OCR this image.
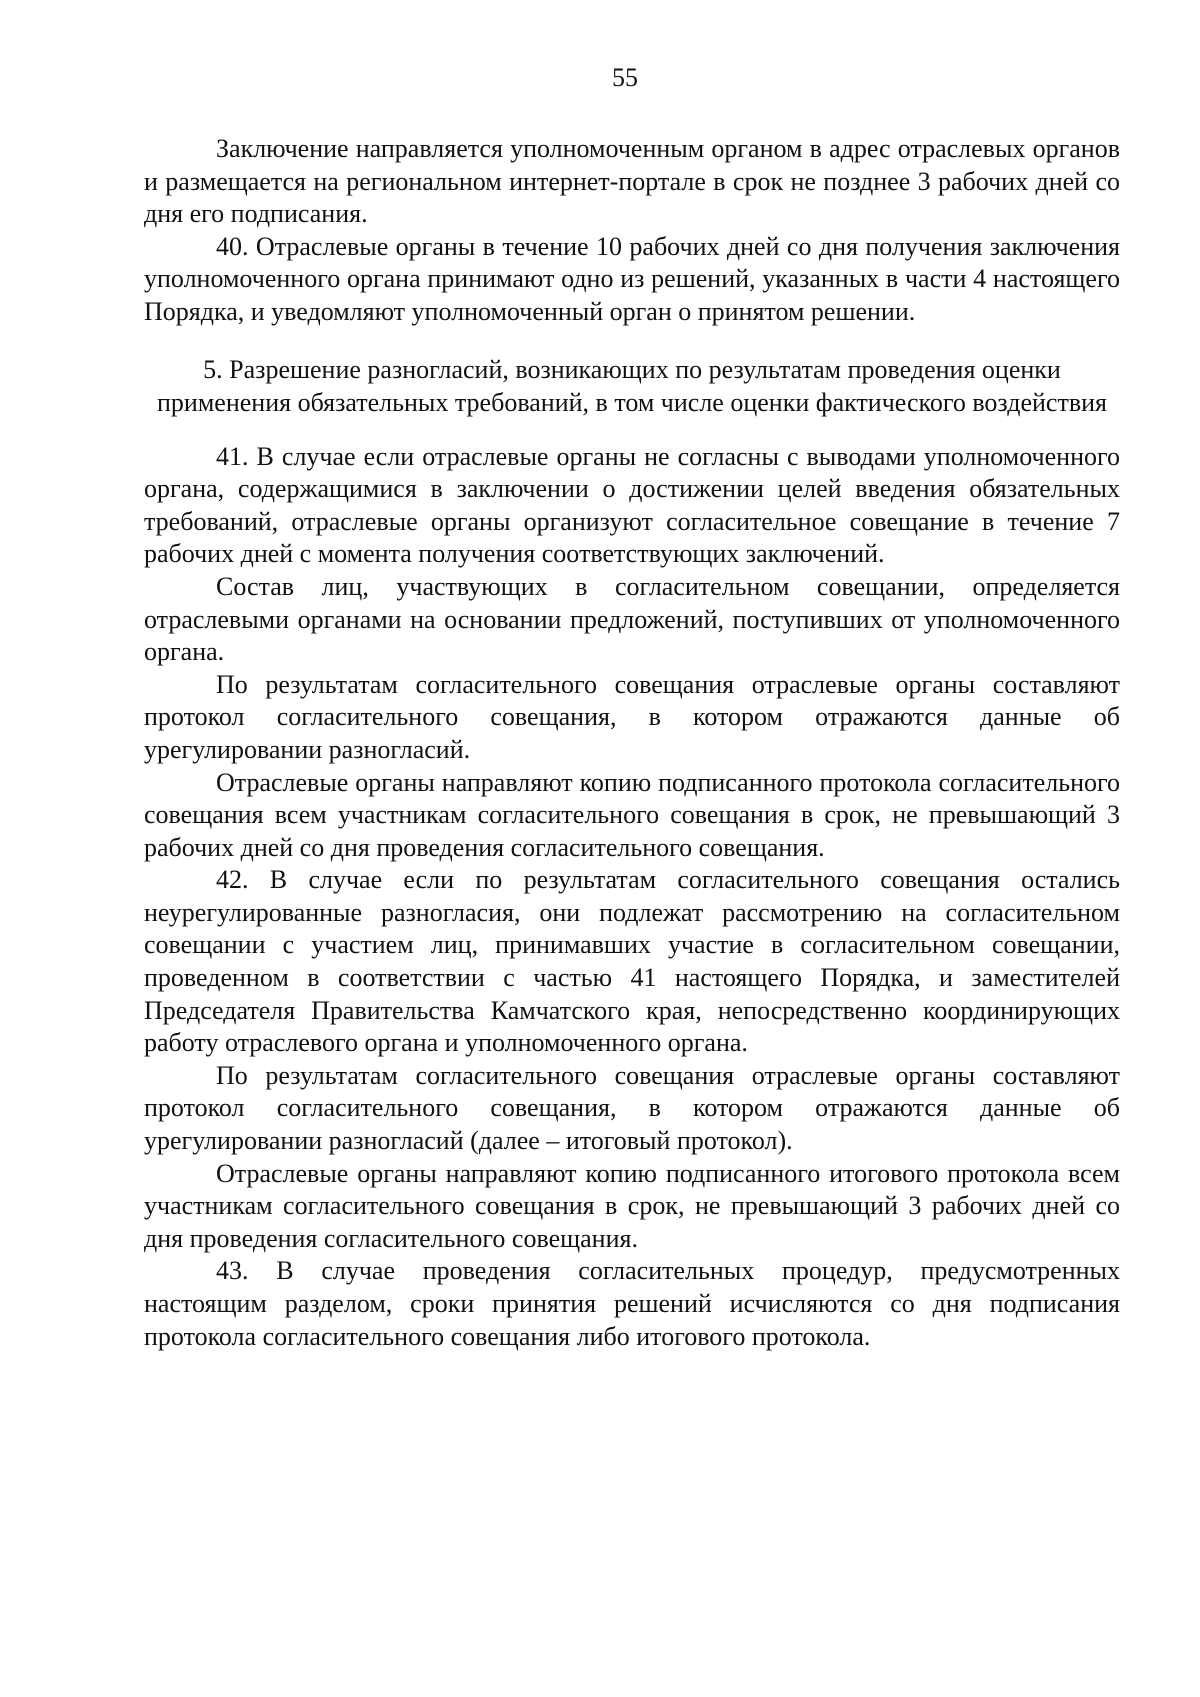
55

Заключение направляется уполномоченным органом в адрес отраслевых органов и размещается на региональном интернет-портале в срок не позднее 3 рабочих дней со дня его подписания.

40. Отраслевые органы в течение 10 рабочих дней со дня получения заключения уполномоченного органа принимают одно из решений, указанных в части 4 настоящего Порядка, и уведомляют уполномоченный орган о принятом решении.

5. Разрешение разногласий, возникающих по результатам проведения оценки применения обязательных требований, в том числе оценки фактического воздействия

41. В случае если отраслевые органы не согласны с выводами уполномоченного органа, содержащимися в заключении о достижении целей введения обязательных требований, отраслевые органы организуют согласительное совещание в течение 7 рабочих дней с момента получения соответствующих заключений.

Состав лиц, участвующих в согласительном совещании, определяется отраслевыми органами на основании предложений, поступивших от уполномоченного органа.

По результатам согласительного совещания отраслевые органы составляют протокол согласительного совещания, в котором отражаются данные об урегулировании разногласий.

Отраслевые органы направляют копию подписанного протокола согласительного совещания всем участникам согласительного совещания в срок, не превышающий 3 рабочих дней со дня проведения согласительного совещания.

42. В случае если по результатам согласительного совещания остались неурегулированные разногласия, они подлежат рассмотрению на согласительном совещании с участием лиц, принимавших участие в согласительном совещании, проведенном в соответствии с частью 41 настоящего Порядка, и заместителей Председателя Правительства Камчатского края, непосредственно координирующих работу отраслевого органа и уполномоченного органа.

По результатам согласительного совещания отраслевые органы составляют протокол согласительного совещания, в котором отражаются данные об урегулировании разногласий (далее – итоговый протокол).

Отраслевые органы направляют копию подписанного итогового протокола всем участникам согласительного совещания в срок, не превышающий 3 рабочих дней со дня проведения согласительного совещания.

43. В случае проведения согласительных процедур, предусмотренных настоящим разделом, сроки принятия решений исчисляются со дня подписания протокола согласительного совещания либо итогового протокола.
